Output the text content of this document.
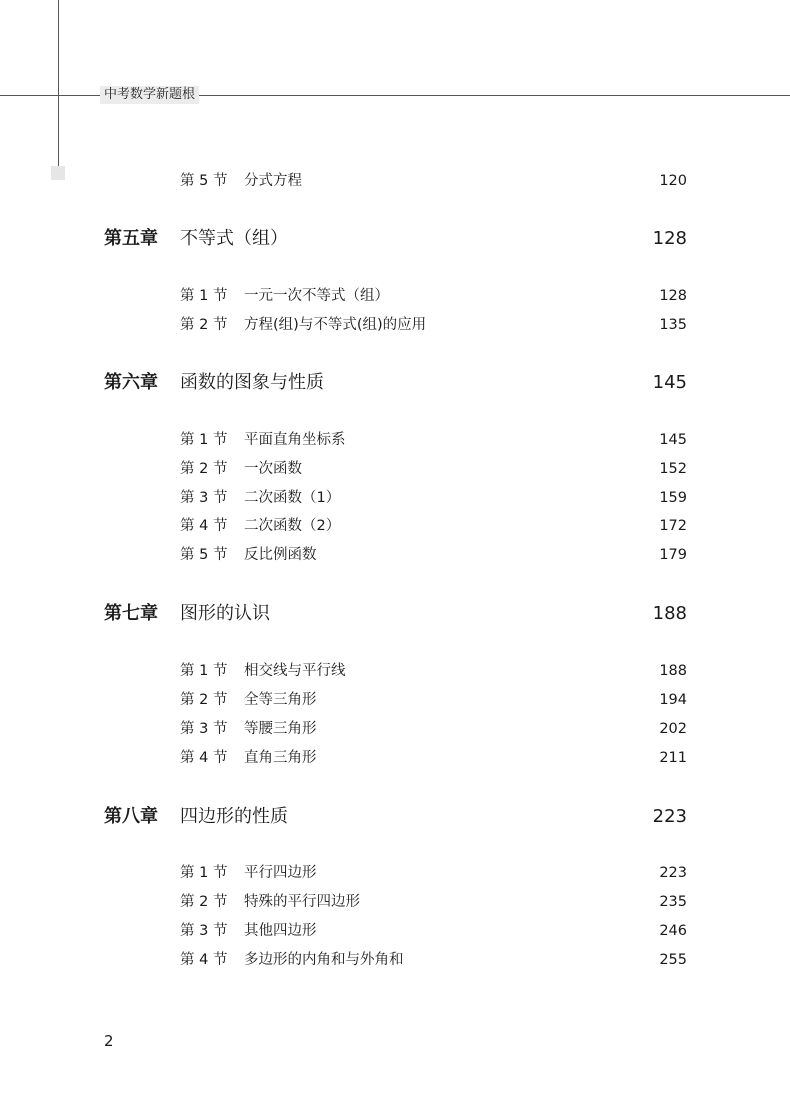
中考数学新题根
第 5 节 分式方程	120
第五章 不等式（组）	128
第 1 节 一元一次不等式（组）	128
第 2 节 方程(组)与不等式(组)的应用	135
第六章 函数的图象与性质	145
第 1 节 平面直角坐标系	145
第 2 节 一次函数	152
第 3 节 二次函数（1）	159
第 4 节 二次函数（2）	172
第 5 节 反比例函数	179
第七章 图形的认识	188
第 1 节 相交线与平行线	188
第 2 节 全等三角形	194
第 3 节 等腰三角形	202
第 4 节 直角三角形	211
第八章 四边形的性质	223
第 1 节 平行四边形	223
第 2 节 特殊的平行四边形	235
第 3 节 其他四边形	246
第 4 节 多边形的内角和与外角和	255
2
